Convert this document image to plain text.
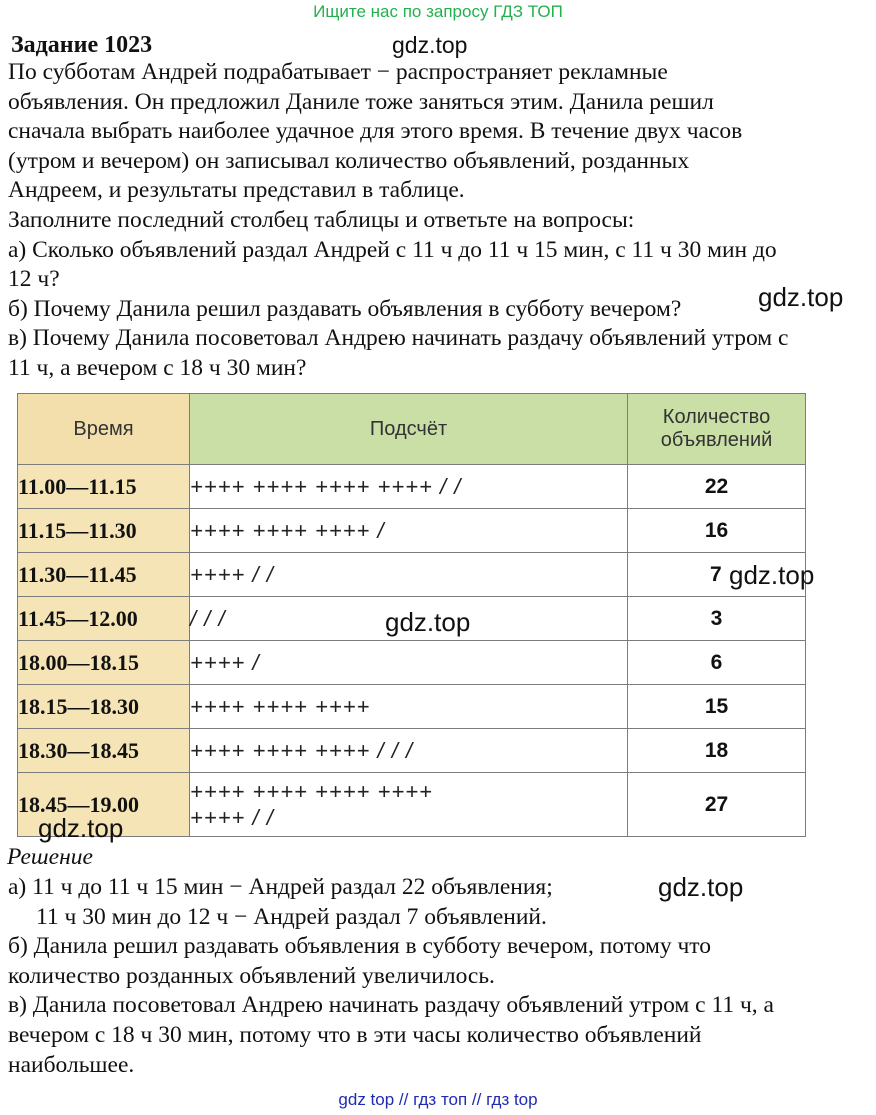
Ищите нас по запросу ГДЗ ТОП
Задание 1023	gdz.top

По субботам Андрей подрабатывает − распространяет рекламные

объявления. Он предложил Даниле тоже заняться этим. Данила решил

сначала выбрать наиболее удачное для этого время. В течение двух часов

(утром и вечером) он записывал количество объявлений, розданных

Андреем, и результаты представил в таблице.

Заполните последний столбец таблицы и ответьте на вопросы:

а) Сколько объявлений раздал Андрей с 11 ч до 11 ч 15 мин, с 11 ч 30 мин до

12 ч?

б) Почему Данила решил раздавать объявления в субботу вечером?

в) Почему Данила посоветовал Андрею начинать раздачу объявлений утром с

11 ч, а вечером с 18 ч 30 мин?

gdz.top
Время	Подсчёт	Количество
объявлений

11.00—11.15	++++ ++++ ++++ ++++ / /	22
11.15—11.30	++++ ++++ ++++ /	16
11.30—11.45	++++ / /	7
11.45—12.00	/ / /	3
18.00—18.15	++++ /	6
18.15—18.30	++++ ++++ ++++	15
18.30—18.45	++++ ++++ ++++ / / /	18
18.45—19.00	++++ ++++ ++++ ++++
++++ / /	27
gdz.top
gdz.top
gdz.top
Решение

а) 11 ч до 11 ч 15 мин − Андрей раздал 22 объявления;

11 ч 30 мин до 12 ч − Андрей раздал 7 объявлений.

б) Данила решил раздавать объявления в субботу вечером, потому что

количество розданных объявлений увеличилось.

в) Данила посоветовал Андрею начинать раздачу объявлений утром с 11 ч, а

вечером с 18 ч 30 мин, потому что в эти часы количество объявлений

наибольшее.

gdz.top
gdz top // гдз топ // гдз top
